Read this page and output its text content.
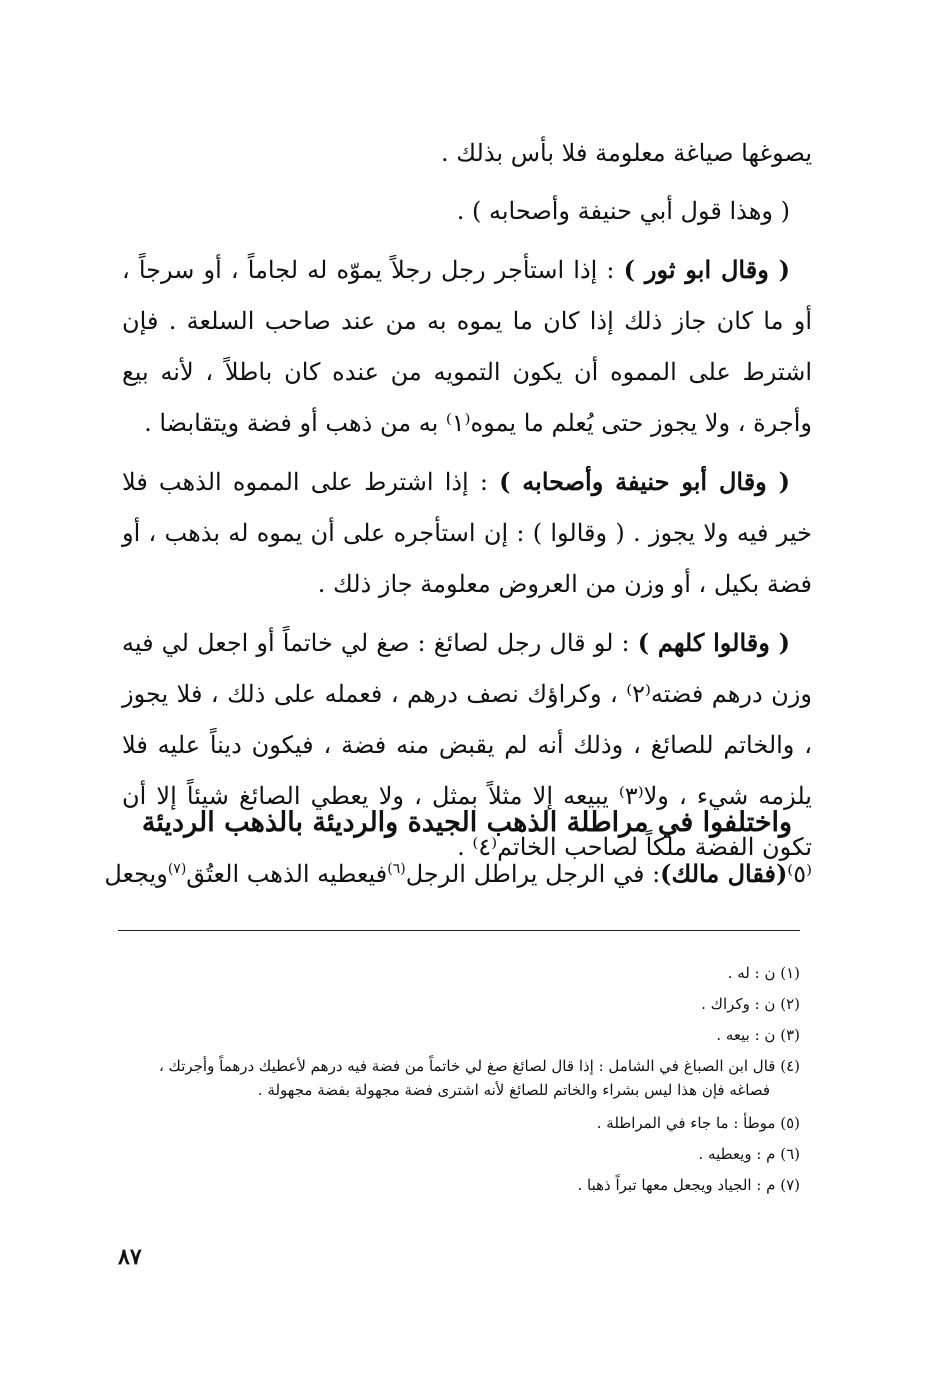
يصوغها صياغة معلومة فلا بأس بذلك .

( وهذا قول أبي حنيفة وأصحابه ) .

( وقال ابو ثور ) : إذا استأجر رجل رجلاً يموّه له لجاماً ، أو سرجاً ، أو ما كان جاز ذلك إذا كان ما يموه به من عند صاحب السلعة . فإن اشترط على المموه أن يكون التمويه من عنده كان باطلاً ، لأنه بيع وأجرة ، ولا يجوز حتى يُعلم ما يموه⁽١⁾ به من ذهب أو فضة ويتقابضا .

( وقال أبو حنيفة وأصحابه ) : إذا اشترط على المموه الذهب فلا خير فيه ولا يجوز . ( وقالوا ) : إن استأجره على أن يموه له بذهب ، أو فضة بكيل ، أو وزن من العروض معلومة جاز ذلك .

( وقالوا كلهم ) : لو قال رجل لصائغ : صغ لي خاتماً أو اجعل لي فيه وزن درهم فضته⁽٢⁾ ، وكراؤك نصف درهم ، فعمله على ذلك ، فلا يجوز ، والخاتم للصائغ ، وذلك أنه لم يقبض منه فضة ، فيكون ديناً عليه فلا يلزمه شيء ، ولا⁽٣⁾ يبيعه إلا مثلاً بمثل ، ولا يعطي الصائغ شيئاً إلا أن تكون الفضة ملكاً لصاحب الخاتم⁽٤⁾ .

واختلفوا في مراطلة الذهب الجيدة والرديئة بالذهب الرديئة
⁽٥⁾(فقال مالك): في الرجل يراطل الرجل$^{(٦)}$فيعطيه الذهب العتُق$^{(٧)}$ويجعل

(١) ن : له .

(٢) ن : وكراك .

(٣) ن : بيعه .

(٤) قال ابن الصباغ في الشامل : إذا قال لصائغ صغ لي خاتماً من فضة فيه درهم لأعطيك درهماً وأجرتك ،

فصاغه فإن هذا ليس بشراء والخاتم للصائغ لأنه اشترى فضة مجهولة بفضة مجهولة .

(٥) موطأ : ما جاء في المراطلة .

(٦) م : ويعطيه .

(٧) م : الجياد ويجعل معها تبراً ذهبا .

٨٧
